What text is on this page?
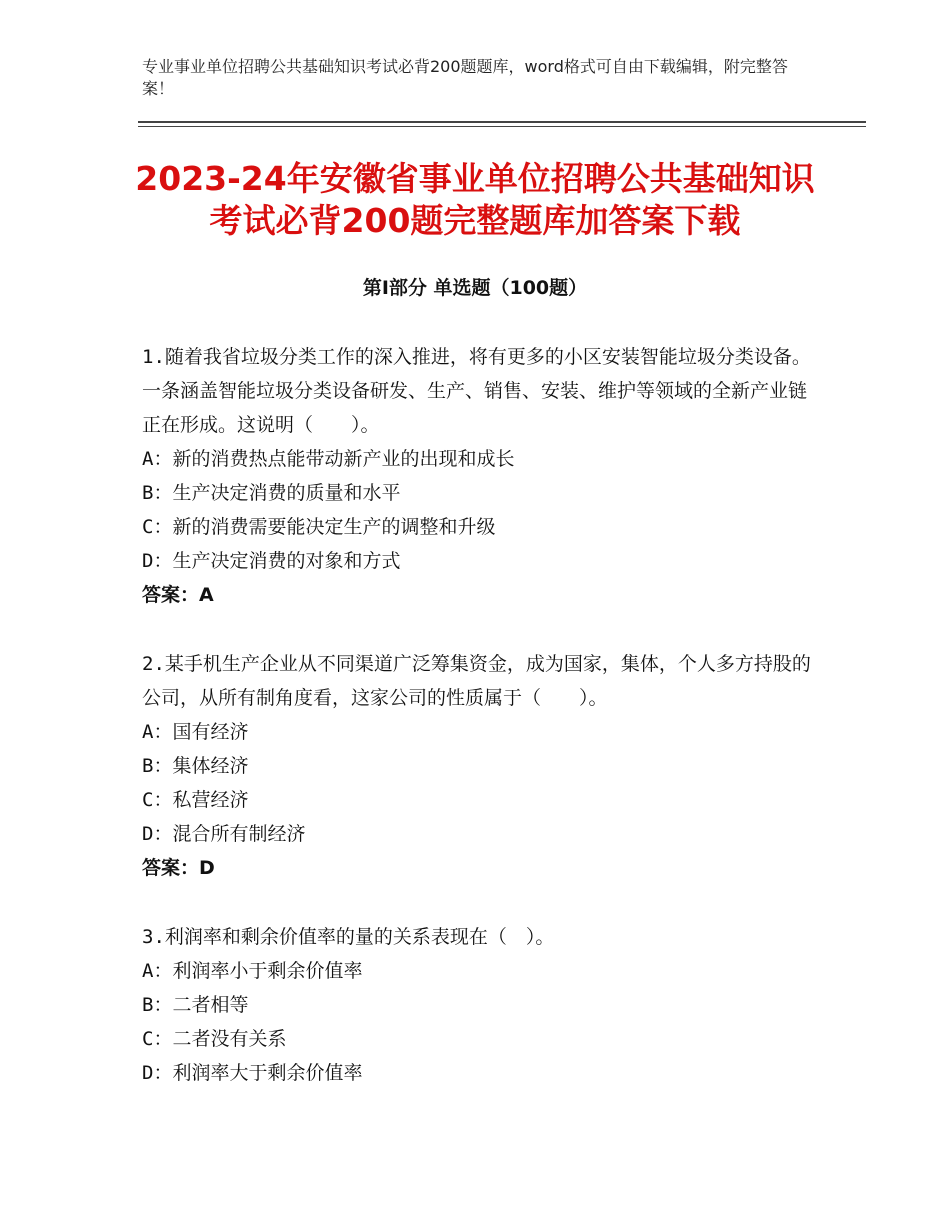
专业事业单位招聘公共基础知识考试必背200题题库，word格式可自由下载编辑，附完整答案！
2023-24年安徽省事业单位招聘公共基础知识考试必背200题完整题库加答案下载
第Ⅰ部分 单选题（100题）

1.随着我省垃圾分类工作的深入推进，将有更多的小区安装智能垃圾分类设备。一条涵盖智能垃圾分类设备研发、生产、销售、安装、维护等领域的全新产业链正在形成。这说明（　　）。

A：新的消费热点能带动新产业的出现和成长

B：生产决定消费的质量和水平

C：新的消费需要能决定生产的调整和升级

D：生产决定消费的对象和方式

答案：A

2.某手机生产企业从不同渠道广泛筹集资金，成为国家，集体，个人多方持股的公司，从所有制角度看，这家公司的性质属于（　　）。

A：国有经济

B：集体经济

C：私营经济

D：混合所有制经济

答案：D

3.利润率和剩余价值率的量的关系表现在（　）。

A：利润率小于剩余价值率

B：二者相等

C：二者没有关系

D：利润率大于剩余价值率
